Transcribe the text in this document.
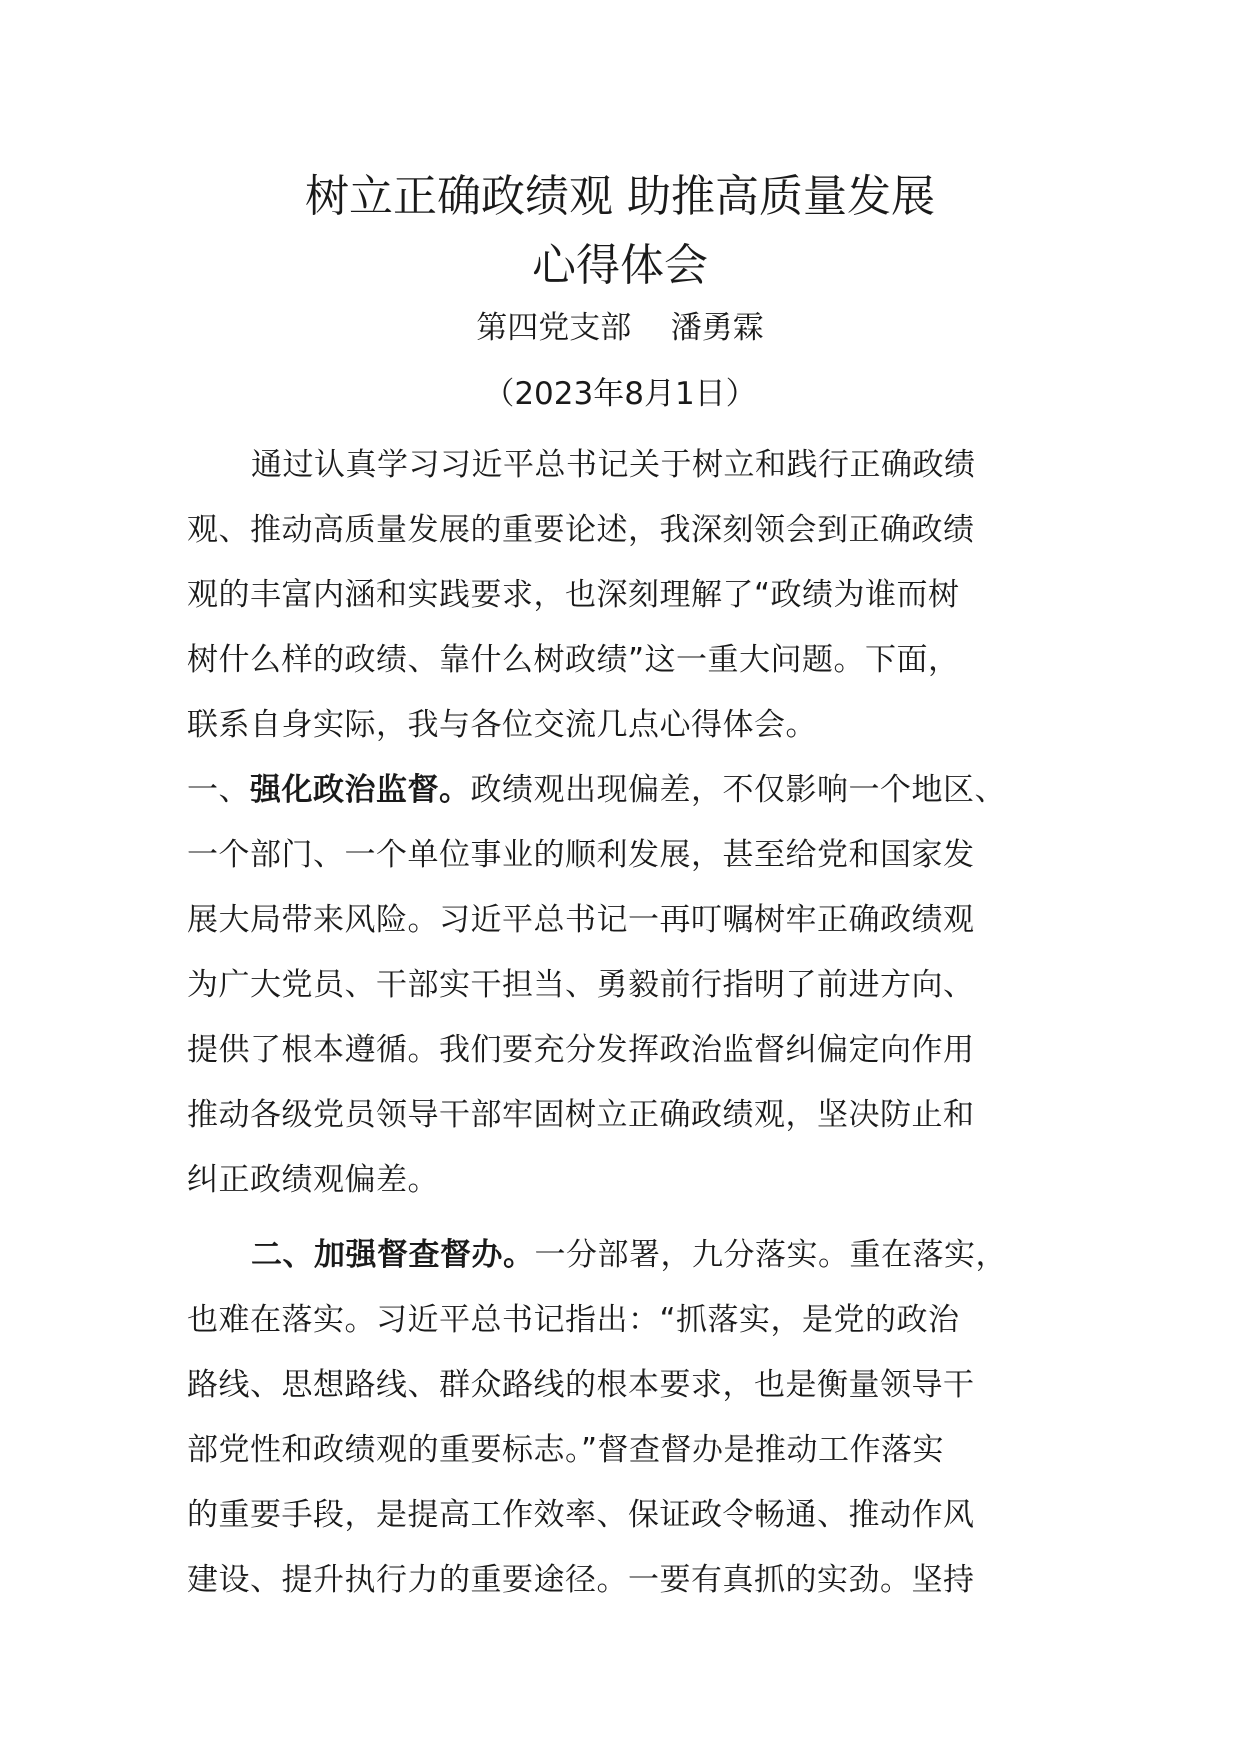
树立正确政绩观 助推高质量发展
心得体会
第四党支部    潘勇霖
（2023年8月1日）
通过认真学习习近平总书记关于树立和践行正确政绩
观、推动高质量发展的重要论述，我深刻领会到正确政绩
观的丰富内涵和实践要求，也深刻理解了“政绩为谁而树
树什么样的政绩、靠什么树政绩”这一重大问题。下面，
联系自身实际，我与各位交流几点心得体会。
一、强化政治监督。政绩观出现偏差，不仅影响一个地区、
一个部门、一个单位事业的顺利发展，甚至给党和国家发
展大局带来风险。习近平总书记一再叮嘱树牢正确政绩观
为广大党员、干部实干担当、勇毅前行指明了前进方向、
提供了根本遵循。我们要充分发挥政治监督纠偏定向作用
推动各级党员领导干部牢固树立正确政绩观，坚决防止和
纠正政绩观偏差。
二、加强督查督办。一分部署，九分落实。重在落实，
也难在落实。习近平总书记指出：“抓落实，是党的政治
路线、思想路线、群众路线的根本要求，也是衡量领导干
部党性和政绩观的重要标志。”督查督办是推动工作落实
的重要手段，是提高工作效率、保证政令畅通、推动作风
建设、提升执行力的重要途径。一要有真抓的实劲。坚持
